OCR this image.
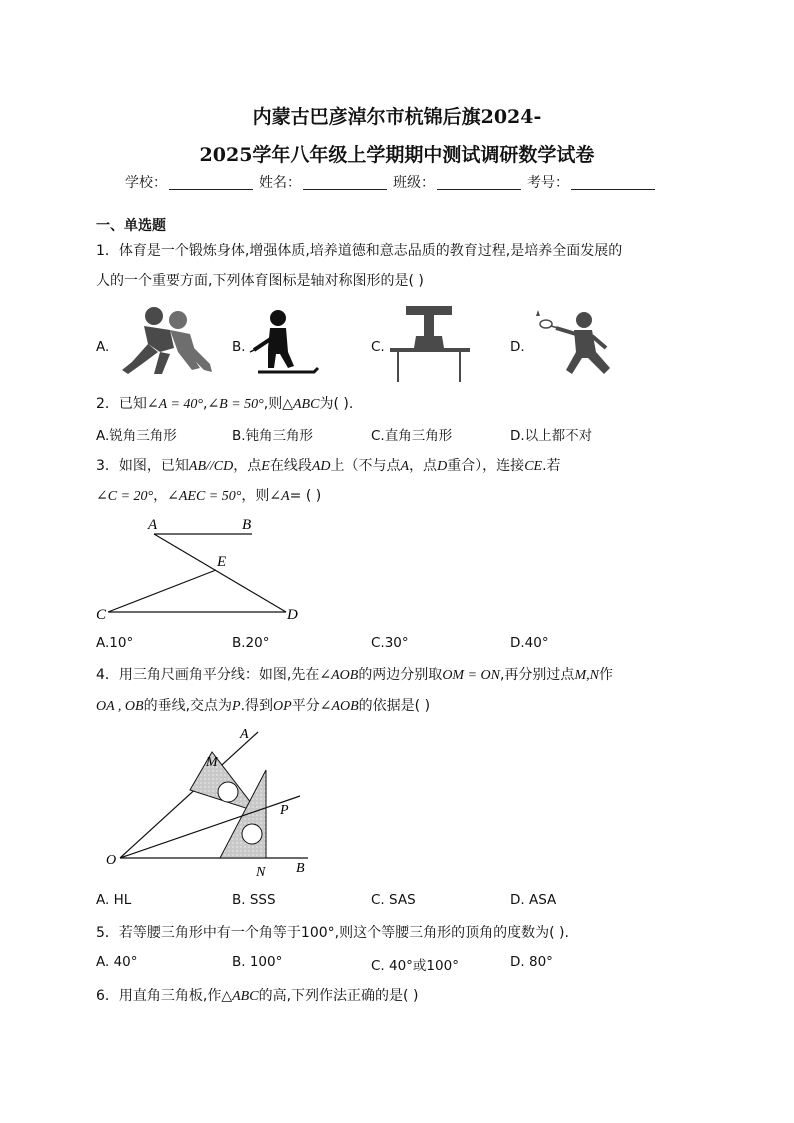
内蒙古巴彦淖尔市杭锦后旗2024-
2025学年八年级上学期期中测试调研数学试卷
学校：	姓名：	班级：	考号：
一、单选题
1．体育是一个锻炼身体,增强体质,培养道德和意志品质的教育过程,是培养全面发展的
人的一个重要方面,下列体育图标是轴对称图形的是( )
A.	B.	C.	D.
2．已知∠A = 40°,∠B = 50°,则△ABC为( ).
A.锐角三角形	B.钝角三角形	C.直角三角形	D.以上都不对
3．如图，已知AB//CD，点E在线段AD上（不与点A，点D重合），连接CE.若
∠C = 20°，∠AEC = 50°，则∠A= ( )
A	B
E
C	D
A.10°	B.20°	C.30°	D.40°
4．用三角尺画角平分线：如图,先在∠AOB的两边分别取OM = ON,再分别过点M,N作
OA , OB的垂线,交点为P.得到OP平分∠AOB的依据是( )
A
M
P
O
N B
A. HL	B. SSS	C. SAS	D. ASA
5．若等腰三角形中有一个角等于100°,则这个等腰三角形的顶角的度数为( ).
A. 40°	B. 100°	C. 40°或100°	D. 80°
6．用直角三角板,作△ABC的高,下列作法正确的是( )
